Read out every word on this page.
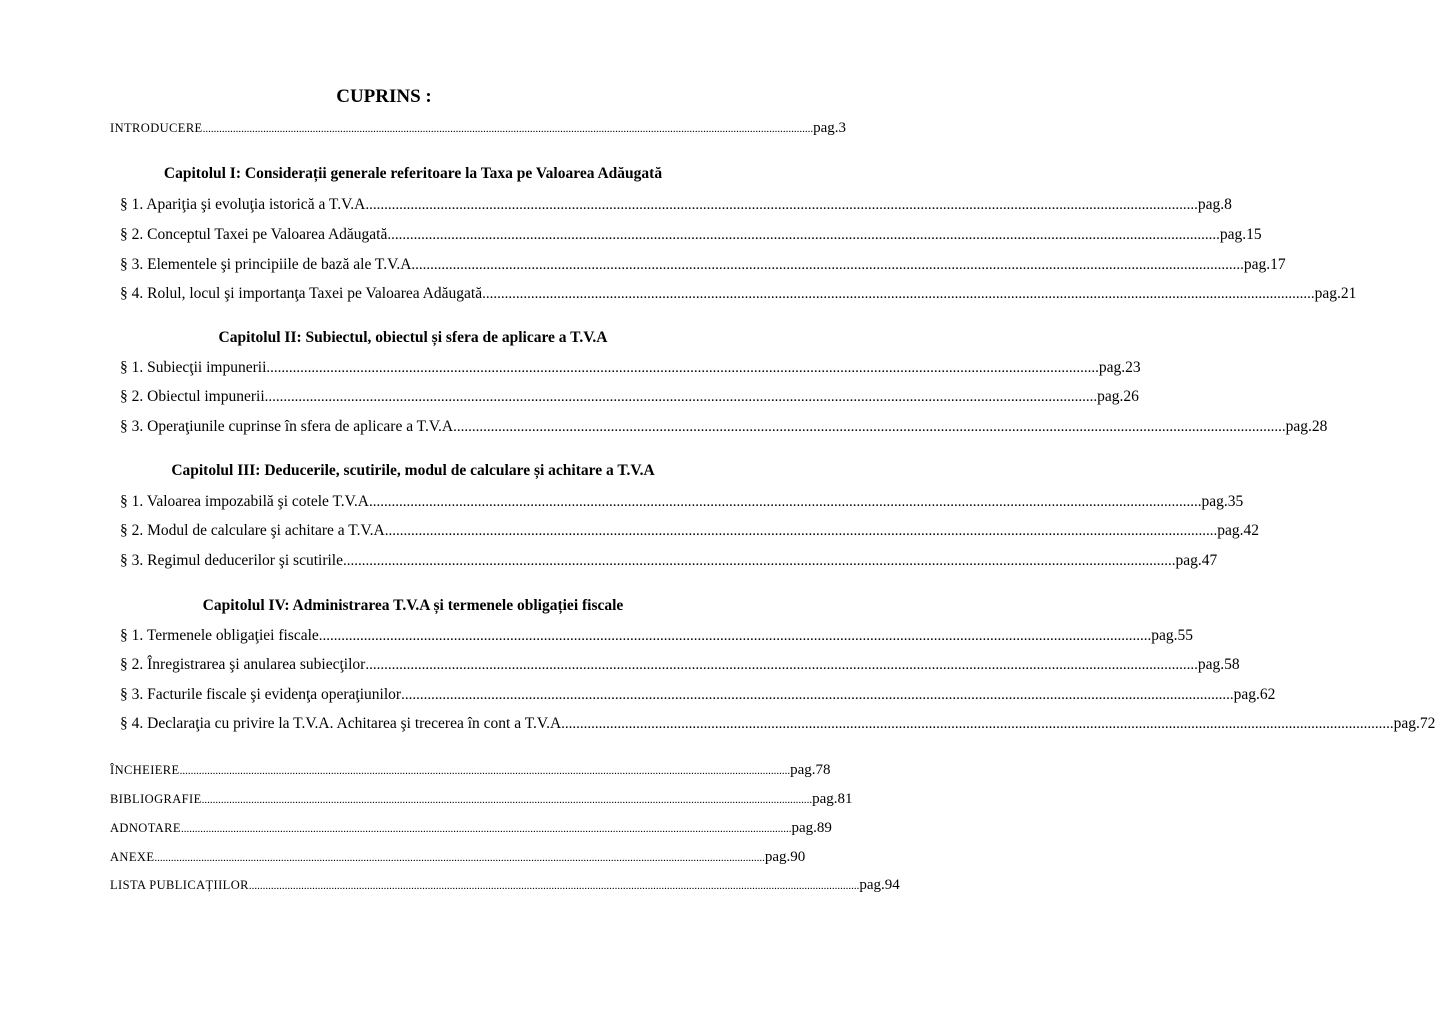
CUPRINS :
INTRODUCERE .............................................................................................................................................................................................................................. pag.3
Capitolul I: Considerații generale referitoare la Taxa pe Valoarea Adăugată
§ 1. Apariţia şi evoluţia istorică a T.V.A .............................................................................................................................................................................................................................. pag.8
§ 2. Conceptul Taxei pe Valoarea Adăugată .............................................................................................................................................................................................................................. pag.15
§ 3. Elementele şi principiile de bază ale T.V.A .............................................................................................................................................................................................................................. pag.17
§ 4. Rolul, locul şi importanţa Taxei pe Valoarea Adăugată .............................................................................................................................................................................................................................. pag.21
Capitolul II: Subiectul, obiectul și sfera de aplicare a T.V.A
§ 1. Subiecţii impunerii .............................................................................................................................................................................................................................. pag.23
§ 2. Obiectul impunerii .............................................................................................................................................................................................................................. pag.26
§ 3. Operaţiunile cuprinse în sfera de aplicare a T.V.A .............................................................................................................................................................................................................................. pag.28
Capitolul III: Deducerile, scutirile, modul de calculare și achitare a T.V.A
§ 1. Valoarea impozabilă şi cotele T.V.A .............................................................................................................................................................................................................................. pag.35
§ 2. Modul de calculare şi achitare a T.V.A .............................................................................................................................................................................................................................. pag.42
§ 3. Regimul deducerilor şi scutirile .............................................................................................................................................................................................................................. pag.47
Capitolul IV: Administrarea T.V.A și termenele obligației fiscale
§ 1. Termenele obligaţiei fiscale .............................................................................................................................................................................................................................. pag.55
§ 2. Înregistrarea şi anularea subiecţilor .............................................................................................................................................................................................................................. pag.58
§ 3. Facturile fiscale şi evidenţa operaţiunilor .............................................................................................................................................................................................................................. pag.62
§ 4. Declaraţia cu privire la T.V.A. Achitarea şi trecerea în cont a T.V.A .............................................................................................................................................................................................................................. pag.72
ÎNCHEIERE .............................................................................................................................................................................................................................. pag.78
BIBLIOGRAFIE .............................................................................................................................................................................................................................. pag.81
ADNOTARE .............................................................................................................................................................................................................................. pag.89
ANEXE .............................................................................................................................................................................................................................. pag.90
LISTA PUBLICAȚIILOR .............................................................................................................................................................................................................................. pag.94
